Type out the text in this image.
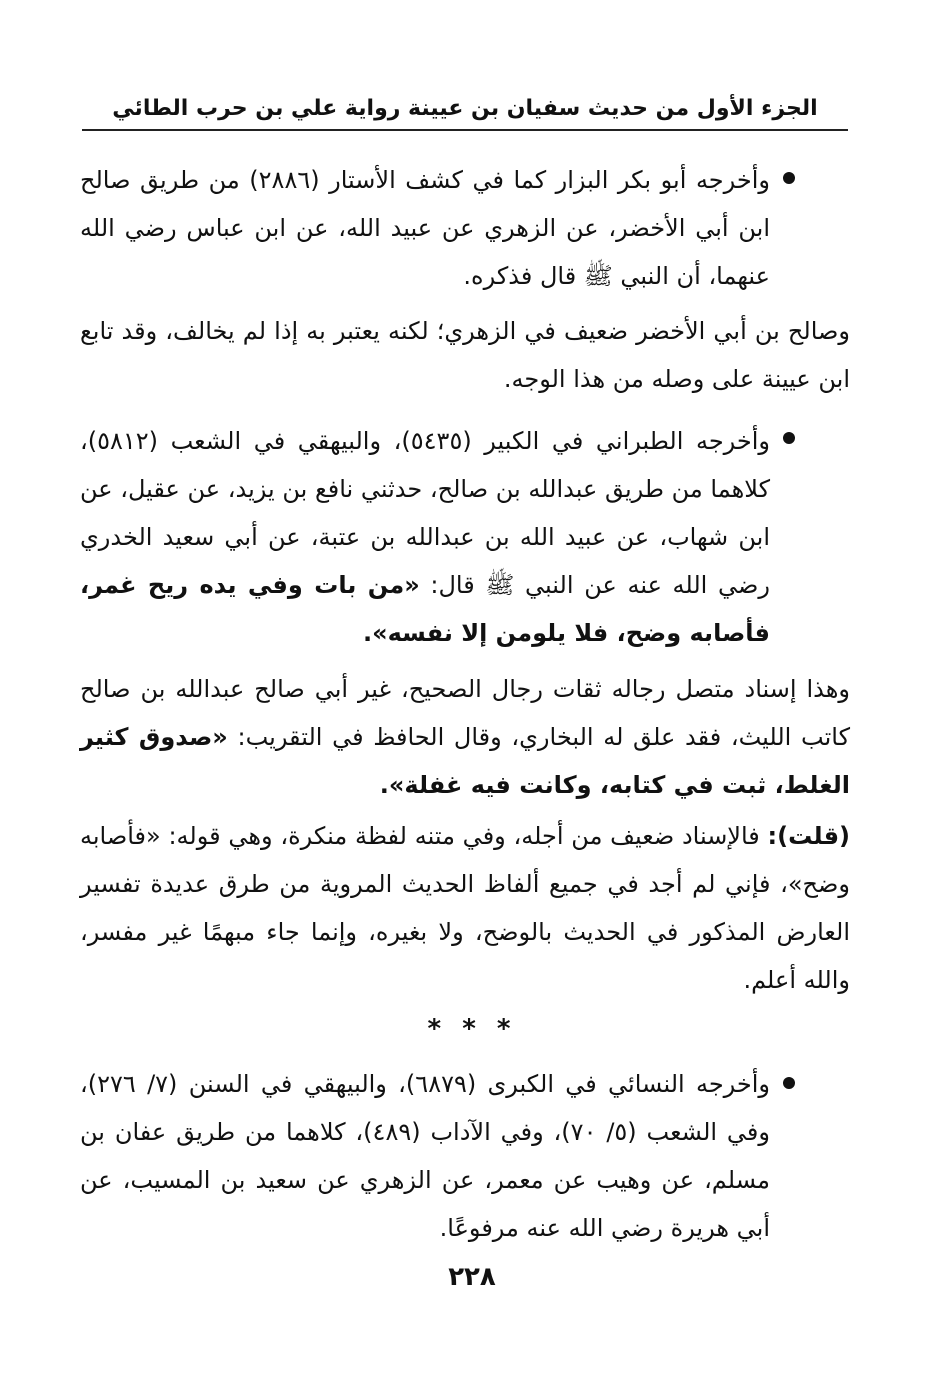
الجزء الأول من حديث سفيان بن عيينة رواية علي بن حرب الطائي
وأخرجه أبو بكر البزار كما في كشف الأستار (٢٨٨٦) من طريق صالح ابن أبي الأخضر، عن الزهري عن عبيد الله، عن ابن عباس رضي الله عنهما، أن النبي ﷺ قال فذكره.
وصالح بن أبي الأخضر ضعيف في الزهري؛ لكنه يعتبر به إذا لم يخالف، وقد تابع ابن عيينة على وصله من هذا الوجه.
وأخرجه الطبراني في الكبير (٥٤٣٥)، والبيهقي في الشعب (٥٨١٢)، كلاهما من طريق عبدالله بن صالح، حدثني نافع بن يزيد، عن عقيل، عن ابن شهاب، عن عبيد الله بن عبدالله بن عتبة، عن أبي سعيد الخدري رضي الله عنه عن النبي ﷺ قال: «من بات وفي يده ريح غمر، فأصابه وضح، فلا يلومن إلا نفسه».
وهذا إسناد متصل رجاله ثقات رجال الصحيح، غير أبي صالح عبدالله بن صالح كاتب الليث، فقد علق له البخاري، وقال الحافظ في التقريب: «صدوق كثير الغلط، ثبت في كتابه، وكانت فيه غفلة».
(قلت): فالإسناد ضعيف من أجله، وفي متنه لفظة منكرة، وهي قوله: «فأصابه وضح»، فإني لم أجد في جميع ألفاظ الحديث المروية من طرق عديدة تفسير العارض المذكور في الحديث بالوضح، ولا بغيره، وإنما جاء مبهمًا غير مفسر، والله أعلم.
* * *
وأخرجه النسائي في الكبرى (٦٨٧٩)، والبيهقي في السنن (٧/ ٢٧٦)، وفي الشعب (٥/ ٧٠)، وفي الآداب (٤٨٩)، كلاهما من طريق عفان بن مسلم، عن وهيب عن معمر، عن الزهري عن سعيد بن المسيب، عن أبي هريرة رضي الله عنه مرفوعًا.
٢٢٨
